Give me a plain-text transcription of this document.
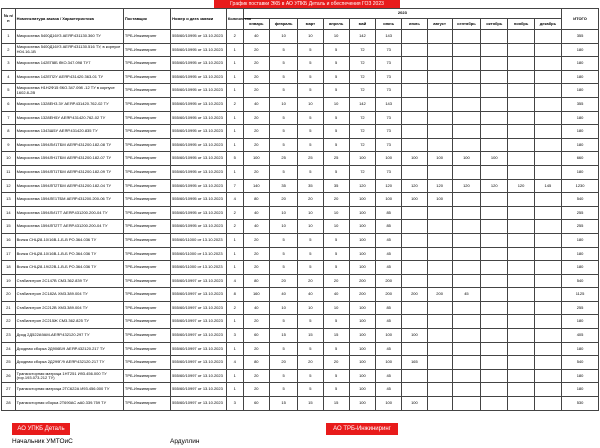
График поставки ЭКБ в АО УПКБ Деталь и обеспечения ГОЗ 2023
№ п/п	Номенклатура заказа / Характеристика	Поставщик	Номер и дата заявки	Количество	2023												ИТОГО
					январь	февраль	март	апрель	май	июнь	июль	август	сентябрь	октябрь	ноябрь	декабрь	
1	Микросхема 5400Д16У3 АЕЯР.431130.360 ТУ	ТРБ-Инжиниринг	555/60/10995 от 13.10.2023	2	40	10	10	10	142	143							355
2	Микросхема 5400Д16У3 АЕЯР.431130.516 ТУ, в корпусе Н04.16-1В	ТРБ-Инжиниринг	555/60/10995 от 13.10.2023	1	20	5	5	5	72	73							180
3	Микросхема 142ЕП8Б бКО.347.098 ТУ7	ТРБ-Инжиниринг	555/60/10995 от 13.10.2023	1	20	5	5	5	72	73							180
4	Микросхема 142ЕП2У АЕЯР.431420.363-01 ТУ	ТРБ-Инжиниринг	555/60/10995 от 13.10.2023	1	20	5	5	5	72	73							180
5	Микросхема Н1Н2Ф15 бКО.347.098 -12 ТУ в корпусе 1602.8-2В	ТРБ-Инжиниринг	555/60/10995 от 13.10.2023	1	20	5	5	5	72	73							180
6	Микросхема 1328ЕН3.3У АЕЯР.431420.762-02 ТУ	ТРБ-Инжиниринг	555/60/10995 от 13.10.2023	2	40	10	10	10	142	143							355
7	Микросхема 1328ЕН5У АЕЯР.431420.762-02 ТУ	ТРБ-Инжиниринг	555/60/10995 от 13.10.2023	1	20	5	5	5	72	73							180
8	Микросхема 1343Ш5У АЕЯР.431420.835 ТУ	ТРБ-Инжиниринг	555/60/10995 от 13.10.2023	1	20	5	5	5	72	73							180
9	Микросхема 1594ЛИ1ТБМ АЕЯР.431200.182-08 ТУ	ТРБ-Инжиниринг	555/60/10995 от 13.10.2023	1	20	5	5	5	72	73							180
10	Микросхема 1594ЛН1ТБМ АЕЯР.431200.182-07 ТУ	ТРБ-Инжиниринг	555/60/10995 от 13.10.2023	5	100	25	25	25	100	100	100	100	100	100			660
11	Микросхема 1594ЛП1ТБМ АЕЯР.431200.182-09 ТУ	ТРБ-Инжиниринг	555/60/10995 от 13.10.2023	1	20	5	5	5	72	73							180
12	Микросхема 1594ЛП2ТБМ АЕЯР.431200.182-04 ТУ	ТРБ-Инжиниринг	555/60/10995 от 13.10.2023	7	140	35	35	35	120	120	120	120	120	120	120	145	1230
13	Микросхема 1594ЛЕ1ТБМ АЕЯР.431200.200-06 ТУ	ТРБ-Инжиниринг	555/60/10995 от 13.10.2023	4	80	20	20	20	100	100	100	100					540
14	Микросхема 1594ЛИ1ТТ АЕЯР.431200.200-04 ТУ	ТРБ-Инжиниринг	555/60/10995 от 13.10.2023	2	40	10	10	10	100	85							255
15	Микросхема 1594ЛП2ТТ АЕЯР.431200.200-04 ТУ	ТРБ-Инжиниринг	555/60/10995 от 13.10.2023	2	40	10	10	10	100	85							255
16	Вилка СНЦ28-10/16В-1-Б-В РО.364.036 ТУ	ТРБ-Инжиниринг	555/60/11000 от 13.10.2023	1	20	5	5	5	100	45							180
17	Вилка СНЦ28-10/16В-1-В-Б РО.364.036 ТУ	ТРБ-Инжиниринг	555/60/11000 от 13.10.2023	1	20	5	5	5	100	45							180
18	Вилка СНЦ28-19/22В-1-В-Б РО.364.036 ТУ	ТРБ-Инжиниринг	555/60/11000 от 13.10.2023	1	20	5	5	5	100	45							180
19	Стабилитрон 2С147В СМ3.362.839 ТУ	ТРБ-Инжиниринг	555/60/10997 от 13.10.2023	4	80	20	20	20	200	200							540
20	Стабилитрон 2С182А ХМ3.389.004 ТУ	ТРБ-Инжиниринг	555/60/10997 от 13.10.2023	8	160	40	40	40	200	200	200	200	45				1125
21	Стабилитрон 2С212В ХМ3.389.004 ТУ	ТРБ-Инжиниринг	555/60/10997 от 13.10.2023	2	40	10	10	10	100	85							255
22	Стабилитрон 2С215Ж СМ3.362.825 ТУ	ТРБ-Инжиниринг	555/60/10997 от 13.10.2023	1	20	5	5	5	100	45							180
23	Диод 2Д522А9АМ-АЕЯР.432120.297 ТУ	ТРБ-Инжиниринг	555/60/10997 от 13.10.2023	3	60	15	15	15	100	100	100						405
24	Диодная сборка 2Д906Б/9 АЕЯР.432120.217 ТУ	ТРБ-Инжиниринг	555/60/10997 от 13.10.2023	1	20	5	5	5	100	45							180
25	Диодная сборка 2Д299Г/9 АЕЯР.432120.217 ТУ	ТРБ-Инжиниринг	555/60/10997 от 13.10.2023	4	80	20	20	20	100	100	165						540
26	Транзисторная матрица 1НТ251 И93.456.000 ТУ (гор.193.073.212 ТУ)	ТРБ-Инжиниринг	555/60/10997 от 13.10.2023	1	20	5	5	5	100	45							180
27	Транзисторная матрица 2ТС622А И93.456.000 ТУ	ТРБ-Инжиниринг	555/60/10997 от 13.10.2023	1	20	5	5	5	100	45							180
28	Транзисторная сборка 2Т690АС аА0.339.759 ТУ	ТРБ-Инжиниринг	555/60/10997 от 13.10.2023	3	60	15	15	15	100	100	100						530
АО УПКБ Деталь	АО ТРБ-Инжиниринг
Начальник УМТОиС	Ардуллин
